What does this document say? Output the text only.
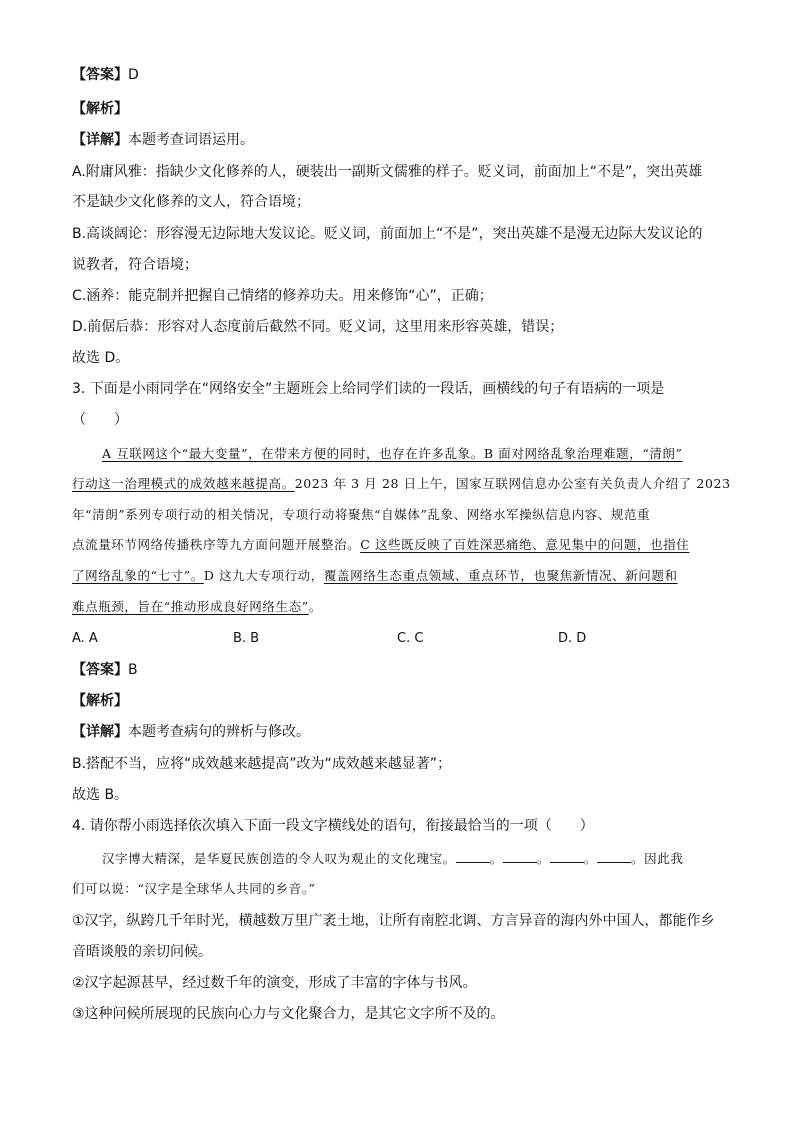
【答案】D
【解析】
【详解】本题考查词语运用。
A.附庸风雅：指缺少文化修养的人，硬装出一副斯文儒雅的样子。贬义词，前面加上“不是”，突出英雄
不是缺少文化修养的文人，符合语境；
B.高谈阔论：形容漫无边际地大发议论。贬义词，前面加上“不是”，突出英雄不是漫无边际大发议论的
说教者，符合语境；
C.涵养：能克制并把握自己情绪的修养功夫。用来修饰“心”，正确；
D.前倨后恭：形容对人态度前后截然不同。贬义词，这里用来形容英雄，错误；
故选 D。
3. 下面是小雨同学在“网络安全”主题班会上给同学们读的一段话，画横线的句子有语病的一项是
（　　）
A 互联网这个“最大变量”，在带来方便的同时，也存在许多乱象。B 面对网络乱象治理难题，“清朗”
行动这一治理模式的成效越来越提高。2023 年 3 月 28 日上午，国家互联网信息办公室有关负责人介绍了 2023
年“清朗”系列专项行动的相关情况，专项行动将聚焦“自媒体”乱象、网络水军操纵信息内容、规范重
点流量环节网络传播秩序等九方面问题开展整治。C 这些既反映了百姓深恶痛绝、意见集中的问题，也指住
了网络乱象的“七寸”。D 这九大专项行动，覆盖网络生态重点领域、重点环节，也聚焦新情况、新问题和
难点瓶颈，旨在“推动形成良好网络生态”。
A. A	B. B	C. C	D. D
【答案】B
【解析】
【详解】本题考查病句的辨析与修改。
B.搭配不当，应将“成效越来越提高”改为“成效越来越显著”；
故选 B。
4. 请你帮小雨选择依次填入下面一段文字横线处的语句，衔接最恰当的一项（　　）
汉字博大精深，是华夏民族创造的令人叹为观止的文化瑰宝。	。	。	。	。因此我
们可以说：“汉字是全球华人共同的乡音。”
①汉字，纵跨几千年时光，横越数万里广袤土地，让所有南腔北调、方言异音的海内外中国人，都能作乡
音晤谈般的亲切问候。
②汉字起源甚早，经过数千年的演变，形成了丰富的字体与书风。
③这种问候所展现的民族向心力与文化聚合力，是其它文字所不及的。
